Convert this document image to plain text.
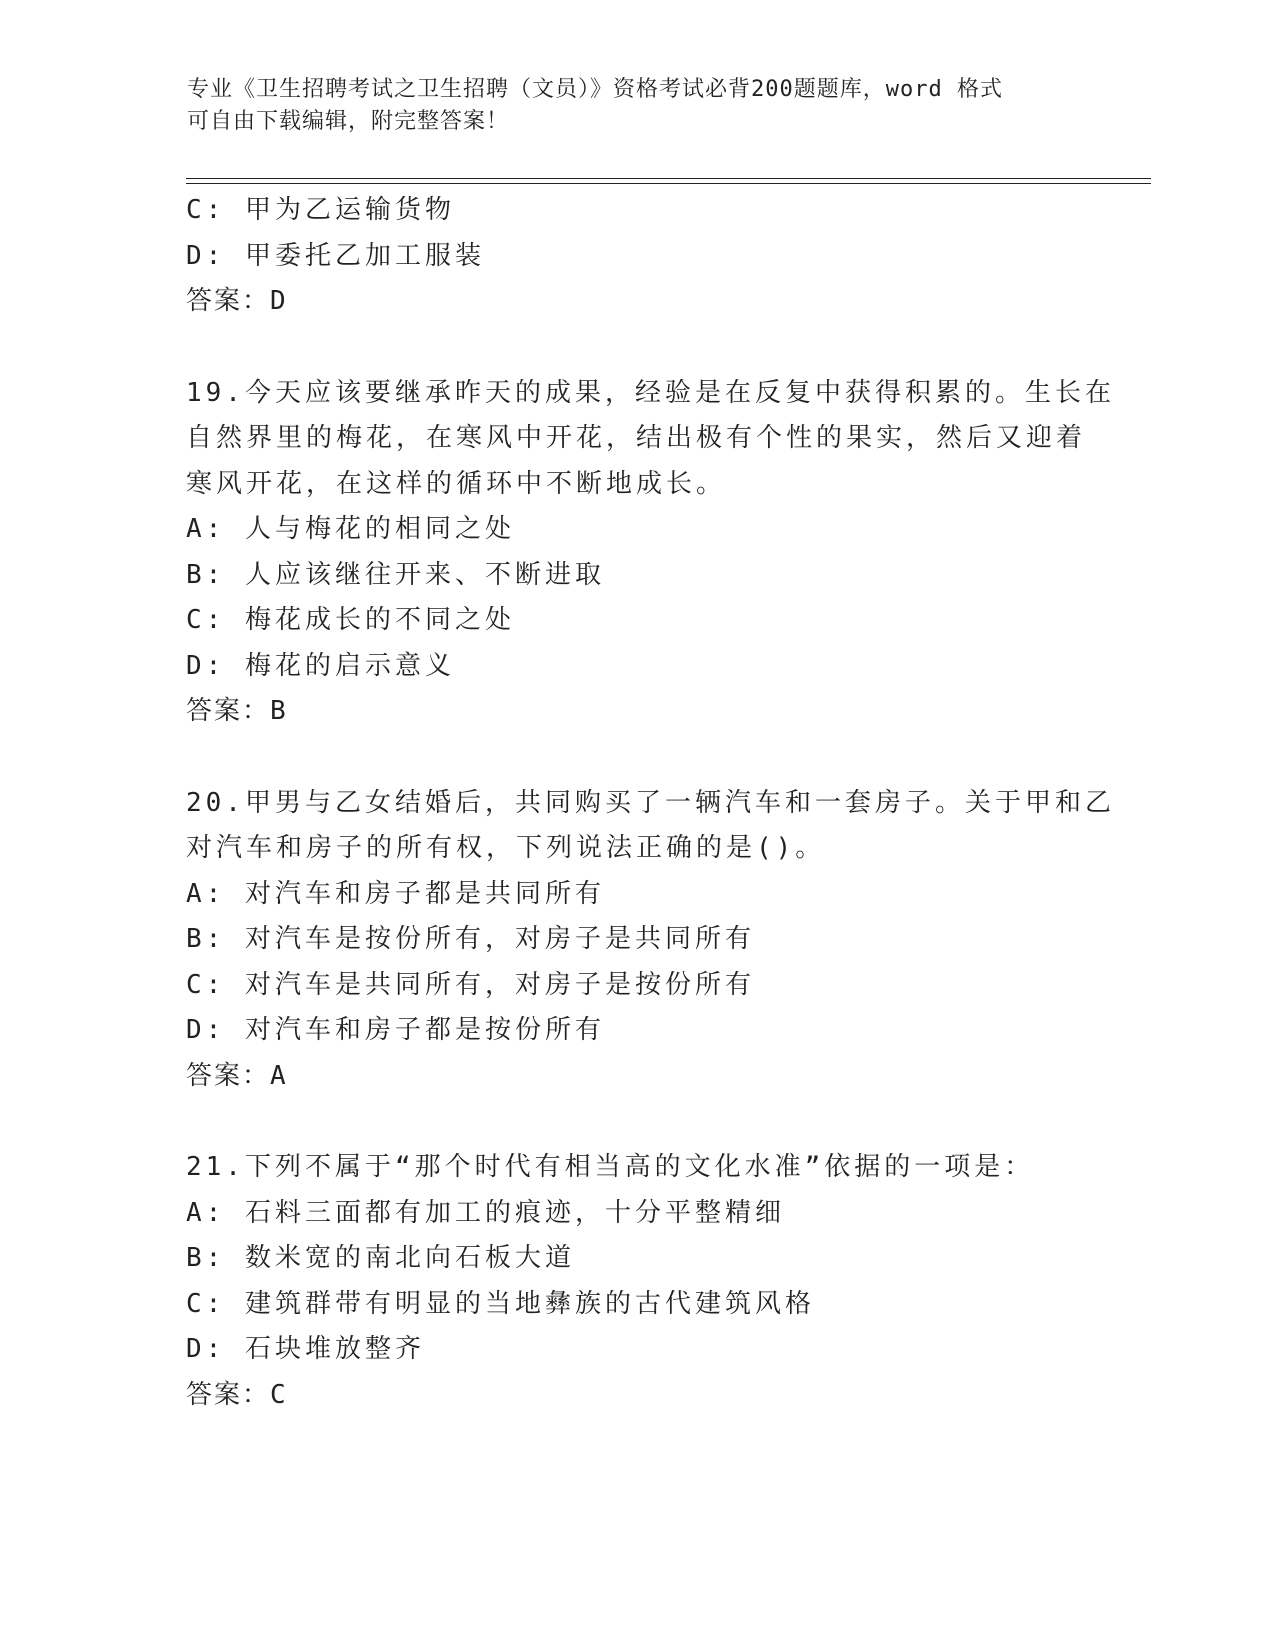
专业《卫生招聘考试之卫生招聘（文员）》资格考试必背200题题库，word 格式
可自由下载编辑，附完整答案！
C: 甲为乙运输货物
D: 甲委托乙加工服装
答案：D
19.今天应该要继承昨天的成果，经验是在反复中获得积累的。生长在
自然界里的梅花，在寒风中开花，结出极有个性的果实，然后又迎着
寒风开花，在这样的循环中不断地成长。
A: 人与梅花的相同之处
B: 人应该继往开来、不断进取
C: 梅花成长的不同之处
D: 梅花的启示意义
答案：B
20.甲男与乙女结婚后，共同购买了一辆汽车和一套房子。关于甲和乙
对汽车和房子的所有权，下列说法正确的是()。
A: 对汽车和房子都是共同所有
B: 对汽车是按份所有，对房子是共同所有
C: 对汽车是共同所有，对房子是按份所有
D: 对汽车和房子都是按份所有
答案：A
21.下列不属于“那个时代有相当高的文化水准”依据的一项是：
A: 石料三面都有加工的痕迹，十分平整精细
B: 数米宽的南北向石板大道
C: 建筑群带有明显的当地彝族的古代建筑风格
D: 石块堆放整齐
答案：C
